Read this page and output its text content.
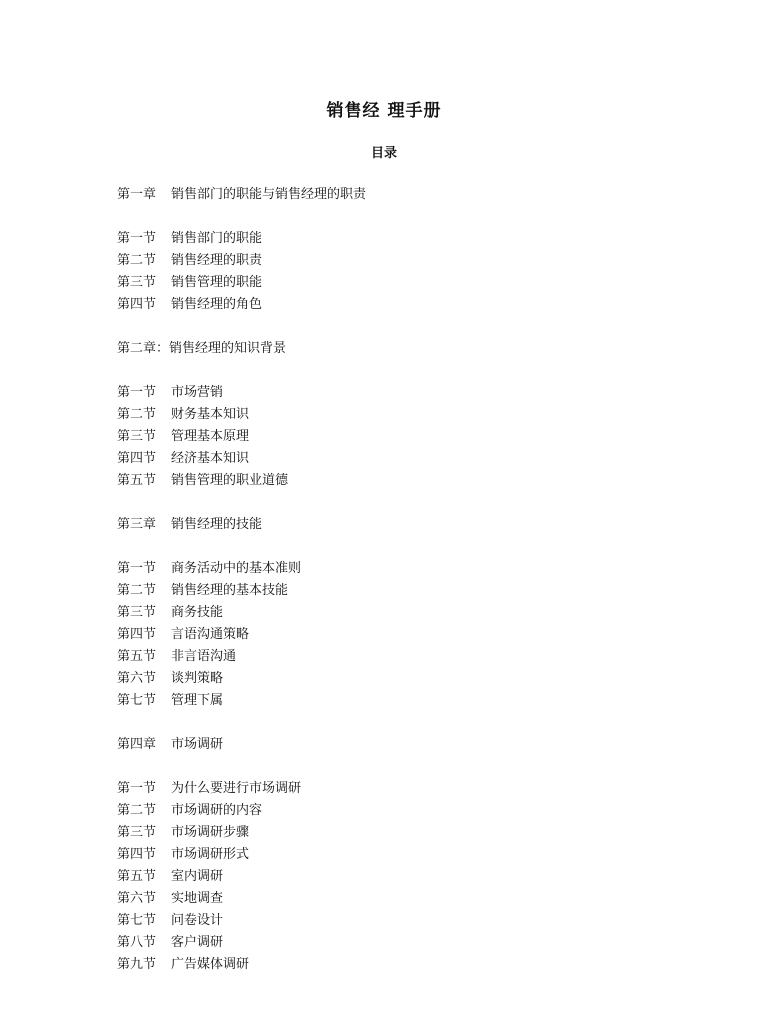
销售经 理手册
目录
第一章 销售部门的职能与销售经理的职责
第一节 销售部门的职能
第二节 销售经理的职责
第三节 销售管理的职能
第四节 销售经理的角色
第二章：销售经理的知识背景
第一节 市场营销
第二节 财务基本知识
第三节 管理基本原理
第四节 经济基本知识
第五节 销售管理的职业道德
第三章 销售经理的技能
第一节 商务活动中的基本准则
第二节 销售经理的基本技能
第三节 商务技能
第四节 言语沟通策略
第五节 非言语沟通
第六节 谈判策略
第七节 管理下属
第四章 市场调研
第一节 为什么要进行市场调研
第二节 市场调研的内容
第三节 市场调研步骤
第四节 市场调研形式
第五节 室内调研
第六节 实地调查
第七节 问卷设计
第八节 客户调研
第九节 广告媒体调研
